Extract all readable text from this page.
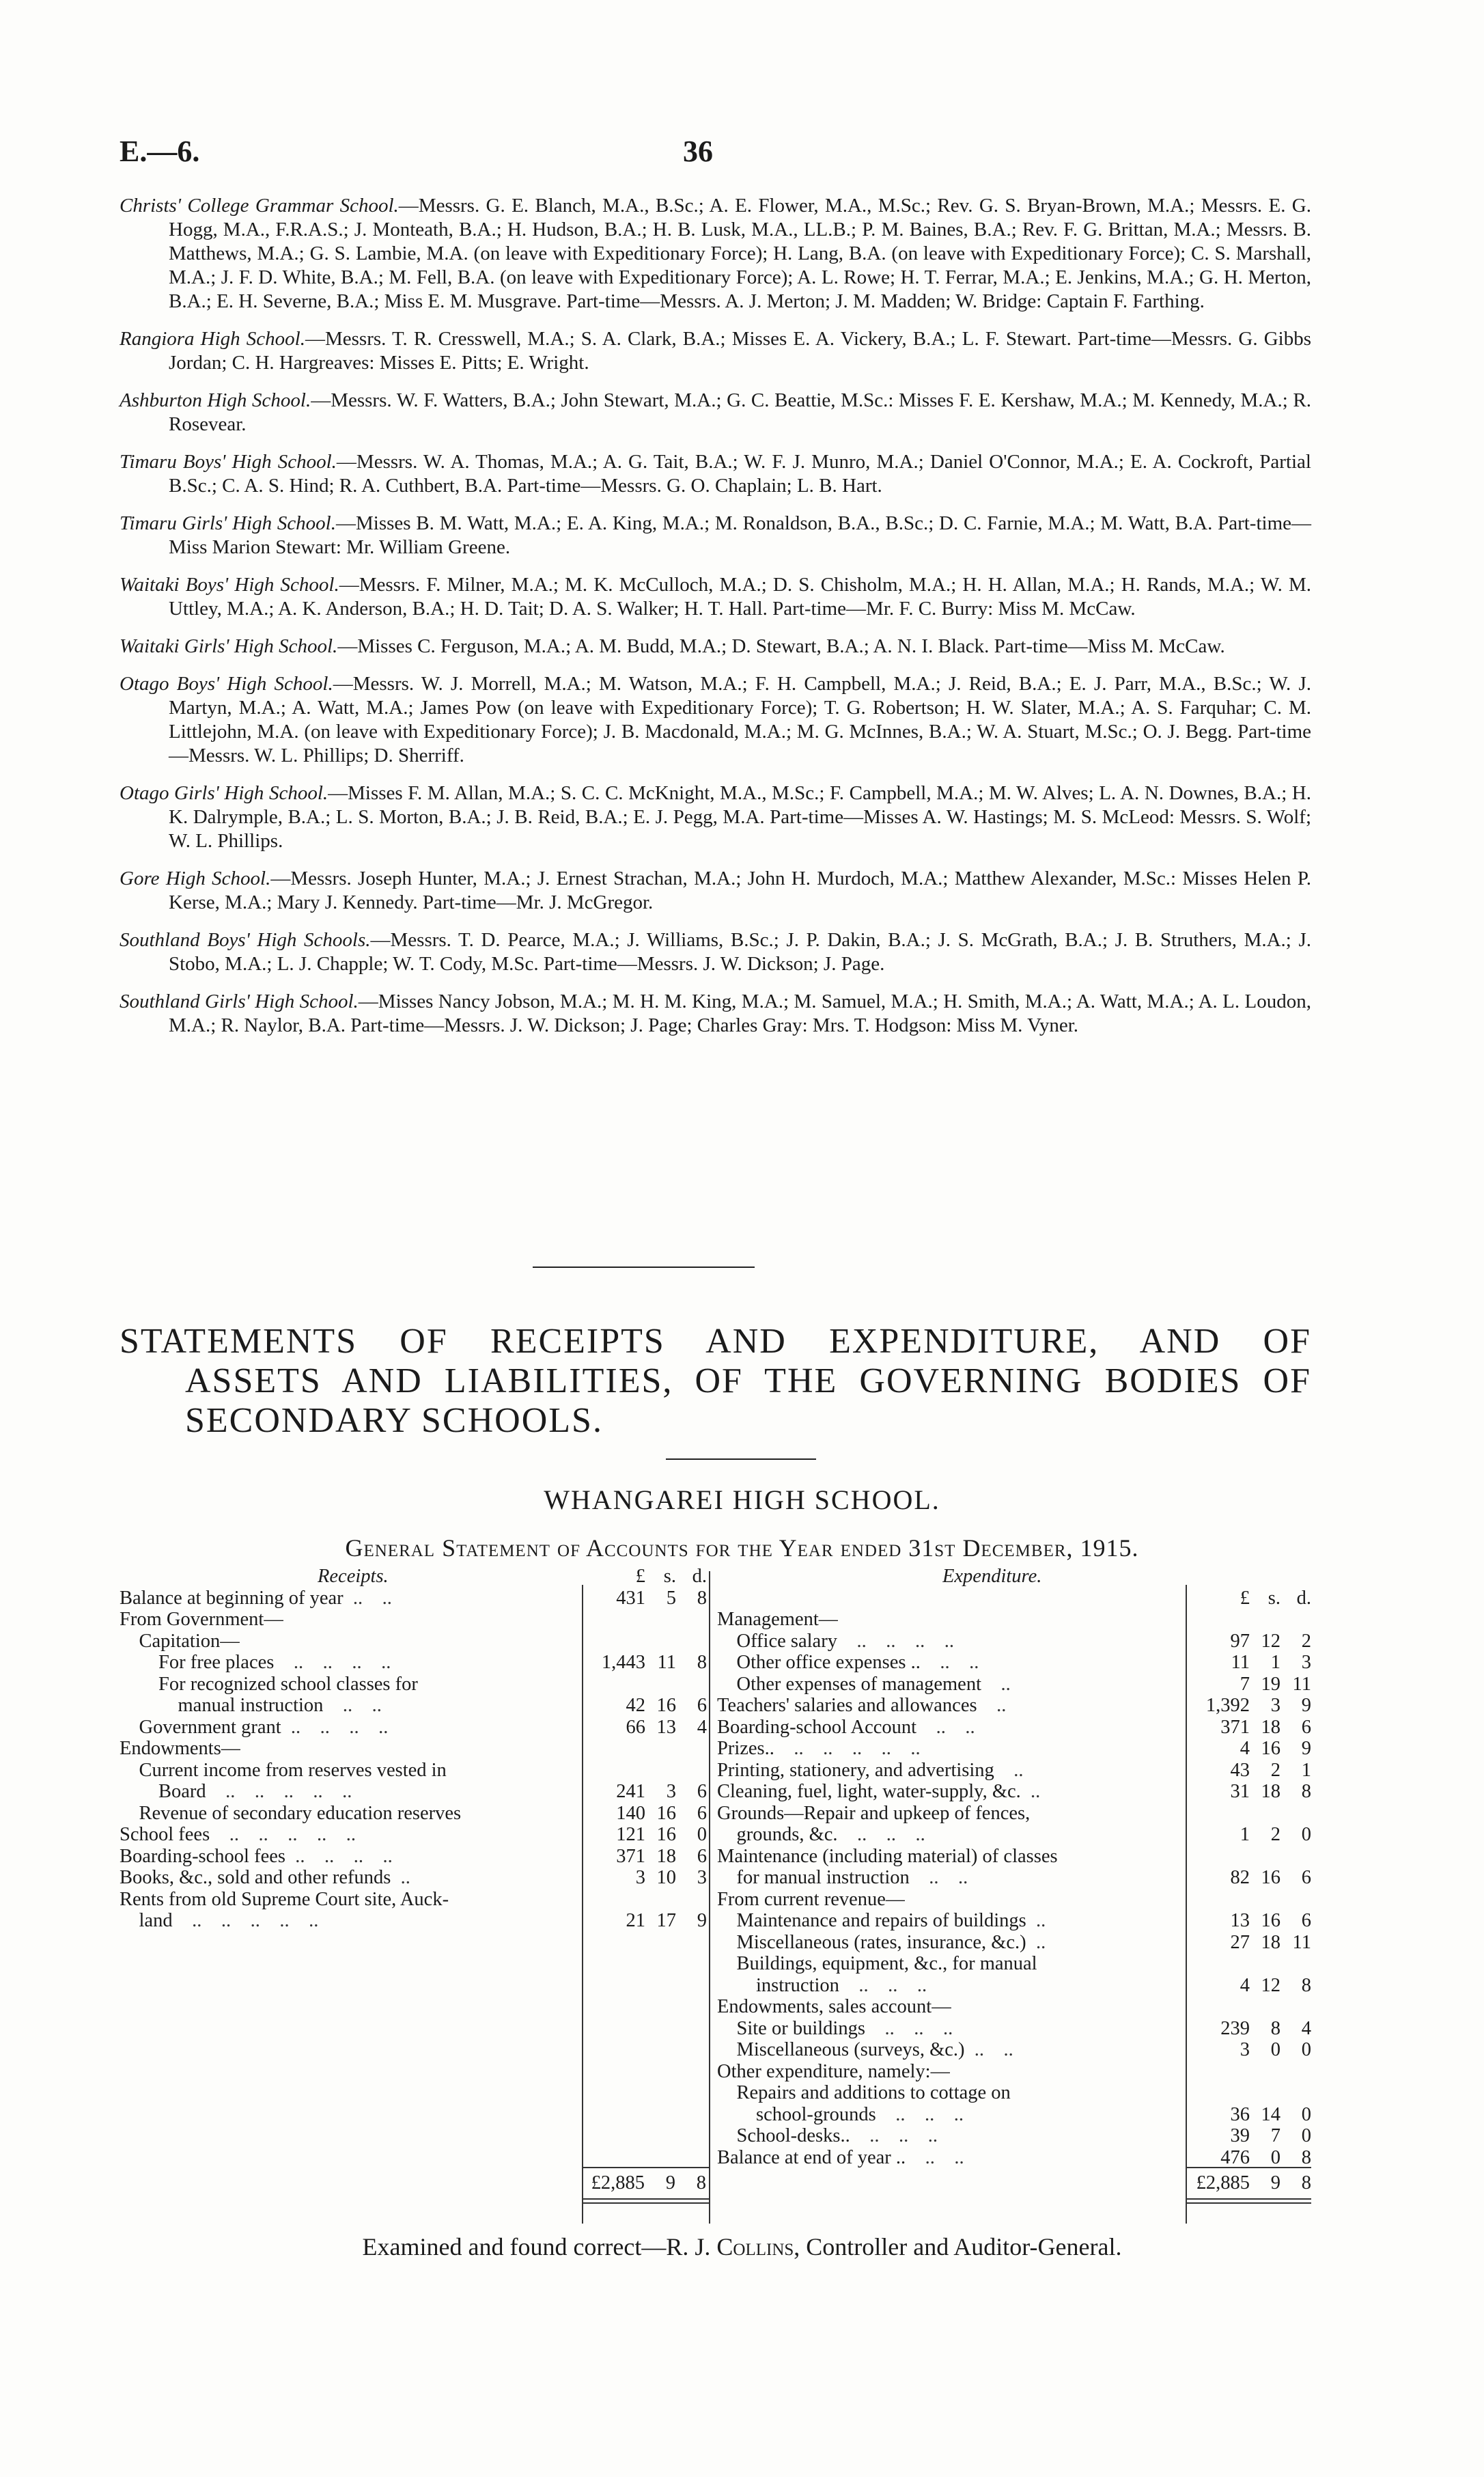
E.—6.	36

Christs' College Grammar School.—Messrs. G. E. Blanch, M.A., B.Sc.; A. E. Flower, M.A., M.Sc.; Rev. G. S. Bryan-Brown, M.A.; Messrs. E. G. Hogg, M.A., F.R.A.S.; J. Monteath, B.A.; H. Hudson, B.A.; H. B. Lusk, M.A., LL.B.; P. M. Baines, B.A.; Rev. F. G. Brittan, M.A.; Messrs. B. Matthews, M.A.; G. S. Lambie, M.A. (on leave with Expeditionary Force); H. Lang, B.A. (on leave with Expeditionary Force); C. S. Marshall, M.A.; J. F. D. White, B.A.; M. Fell, B.A. (on leave with Expeditionary Force); A. L. Rowe; H. T. Ferrar, M.A.; E. Jenkins, M.A.; G. H. Merton, B.A.; E. H. Severne, B.A.; Miss E. M. Musgrave. Part-time—Messrs. A. J. Merton; J. M. Madden; W. Bridge: Captain F. Farthing.

Rangiora High School.—Messrs. T. R. Cresswell, M.A.; S. A. Clark, B.A.; Misses E. A. Vickery, B.A.; L. F. Stewart. Part-time—Messrs. G. Gibbs Jordan; C. H. Hargreaves: Misses E. Pitts; E. Wright.

Ashburton High School.—Messrs. W. F. Watters, B.A.; John Stewart, M.A.; G. C. Beattie, M.Sc.: Misses F. E. Kershaw, M.A.; M. Kennedy, M.A.; R. Rosevear.

Timaru Boys' High School.—Messrs. W. A. Thomas, M.A.; A. G. Tait, B.A.; W. F. J. Munro, M.A.; Daniel O'Connor, M.A.; E. A. Cockroft, Partial B.Sc.; C. A. S. Hind; R. A. Cuthbert, B.A. Part-time—Messrs. G. O. Chaplain; L. B. Hart.

Timaru Girls' High School.—Misses B. M. Watt, M.A.; E. A. King, M.A.; M. Ronaldson, B.A., B.Sc.; D. C. Farnie, M.A.; M. Watt, B.A. Part-time—Miss Marion Stewart: Mr. William Greene.

Waitaki Boys' High School.—Messrs. F. Milner, M.A.; M. K. McCulloch, M.A.; D. S. Chisholm, M.A.; H. H. Allan, M.A.; H. Rands, M.A.; W. M. Uttley, M.A.; A. K. Anderson, B.A.; H. D. Tait; D. A. S. Walker; H. T. Hall. Part-time—Mr. F. C. Burry: Miss M. McCaw.

Waitaki Girls' High School.—Misses C. Ferguson, M.A.; A. M. Budd, M.A.; D. Stewart, B.A.; A. N. I. Black. Part-time—Miss M. McCaw.

Otago Boys' High School.—Messrs. W. J. Morrell, M.A.; M. Watson, M.A.; F. H. Campbell, M.A.; J. Reid, B.A.; E. J. Parr, M.A., B.Sc.; W. J. Martyn, M.A.; A. Watt, M.A.; James Pow (on leave with Expeditionary Force); T. G. Robertson; H. W. Slater, M.A.; A. S. Farquhar; C. M. Littlejohn, M.A. (on leave with Expeditionary Force); J. B. Macdonald, M.A.; M. G. McInnes, B.A.; W. A. Stuart, M.Sc.; O. J. Begg. Part-time—Messrs. W. L. Phillips; D. Sherriff.

Otago Girls' High School.—Misses F. M. Allan, M.A.; S. C. C. McKnight, M.A., M.Sc.; F. Campbell, M.A.; M. W. Alves; L. A. N. Downes, B.A.; H. K. Dalrymple, B.A.; L. S. Morton, B.A.; J. B. Reid, B.A.; E. J. Pegg, M.A. Part-time—Misses A. W. Hastings; M. S. McLeod: Messrs. S. Wolf; W. L. Phillips.

Gore High School.—Messrs. Joseph Hunter, M.A.; J. Ernest Strachan, M.A.; John H. Murdoch, M.A.; Matthew Alexander, M.Sc.: Misses Helen P. Kerse, M.A.; Mary J. Kennedy. Part-time—Mr. J. McGregor.

Southland Boys' High Schools.—Messrs. T. D. Pearce, M.A.; J. Williams, B.Sc.; J. P. Dakin, B.A.; J. S. McGrath, B.A.; J. B. Struthers, M.A.; J. Stobo, M.A.; L. J. Chapple; W. T. Cody, M.Sc. Part-time—Messrs. J. W. Dickson; J. Page.

Southland Girls' High School.—Misses Nancy Jobson, M.A.; M. H. M. King, M.A.; M. Samuel, M.A.; H. Smith, M.A.; A. Watt, M.A.; A. L. Loudon, M.A.; R. Naylor, B.A. Part-time—Messrs. J. W. Dickson; J. Page; Charles Gray: Mrs. T. Hodgson: Miss M. Vyner.

STATEMENTS OF RECEIPTS AND EXPENDITURE, AND OF
ASSETS AND LIABILITIES, OF THE GOVERNING BODIES OF
SECONDARY SCHOOLS.
WHANGAREI HIGH SCHOOL.
General Statement of Accounts for the Year ended 31st December, 1915.
Receipts.	£ s. d.
Balance at beginning of year  ..    ..	431	5	8
From Government—
Capitation—
For free places    ..    ..    ..    ..	1,443 11	8
For recognized school classes for
manual instruction    ..    ..	42 16	6
Government grant  ..    ..    ..    ..	66 13	4
Endowments—
Current income from reserves vested in
Board    ..    ..    ..    ..    ..	241	3	6
Revenue of secondary education reserves	140 16	6
School fees    ..    ..    ..    ..    ..	121 16	0
Boarding-school fees  ..    ..    ..    ..	371 18	6
Books, &c., sold and other refunds  ..	3 10	3
Rents from old Supreme Court site, Auck-
land    ..    ..    ..    ..    ..	21 17	9
Expenditure.
£ s. d.
Management—
Office salary    ..    ..    ..    ..	97 12	2
Other office expenses ..    ..    ..	11	1	3
Other expenses of management    ..	7 19 11
Teachers' salaries and allowances    ..	1,392	3	9
Boarding-school Account    ..    ..	371 18	6
Prizes..    ..    ..    ..    ..    ..	4 16	9
Printing, stationery, and advertising    ..	43	2	1
Cleaning, fuel, light, water-supply, &c.  ..	31 18	8
Grounds—Repair and upkeep of fences,
grounds, &c.    ..    ..    ..	1	2	0
Maintenance (including material) of classes
for manual instruction    ..    ..	82 16	6
From current revenue—
Maintenance and repairs of buildings  ..	13 16	6
Miscellaneous (rates, insurance, &c.)  ..	27 18 11
Buildings, equipment, &c., for manual
instruction    ..    ..    ..	4 12	8
Endowments, sales account—
Site or buildings    ..    ..    ..	239	8	4
Miscellaneous (surveys, &c.)  ..    ..	3	0	0
Other expenditure, namely:—
Repairs and additions to cottage on
school-grounds    ..    ..    ..	36 14	0
School-desks..    ..    ..    ..	39	7	0
Balance at end of year ..    ..    ..	476	0	8
£2,885	9	8	£2,885	9	8
Examined and found correct—R. J. Collins, Controller and Auditor-General.
